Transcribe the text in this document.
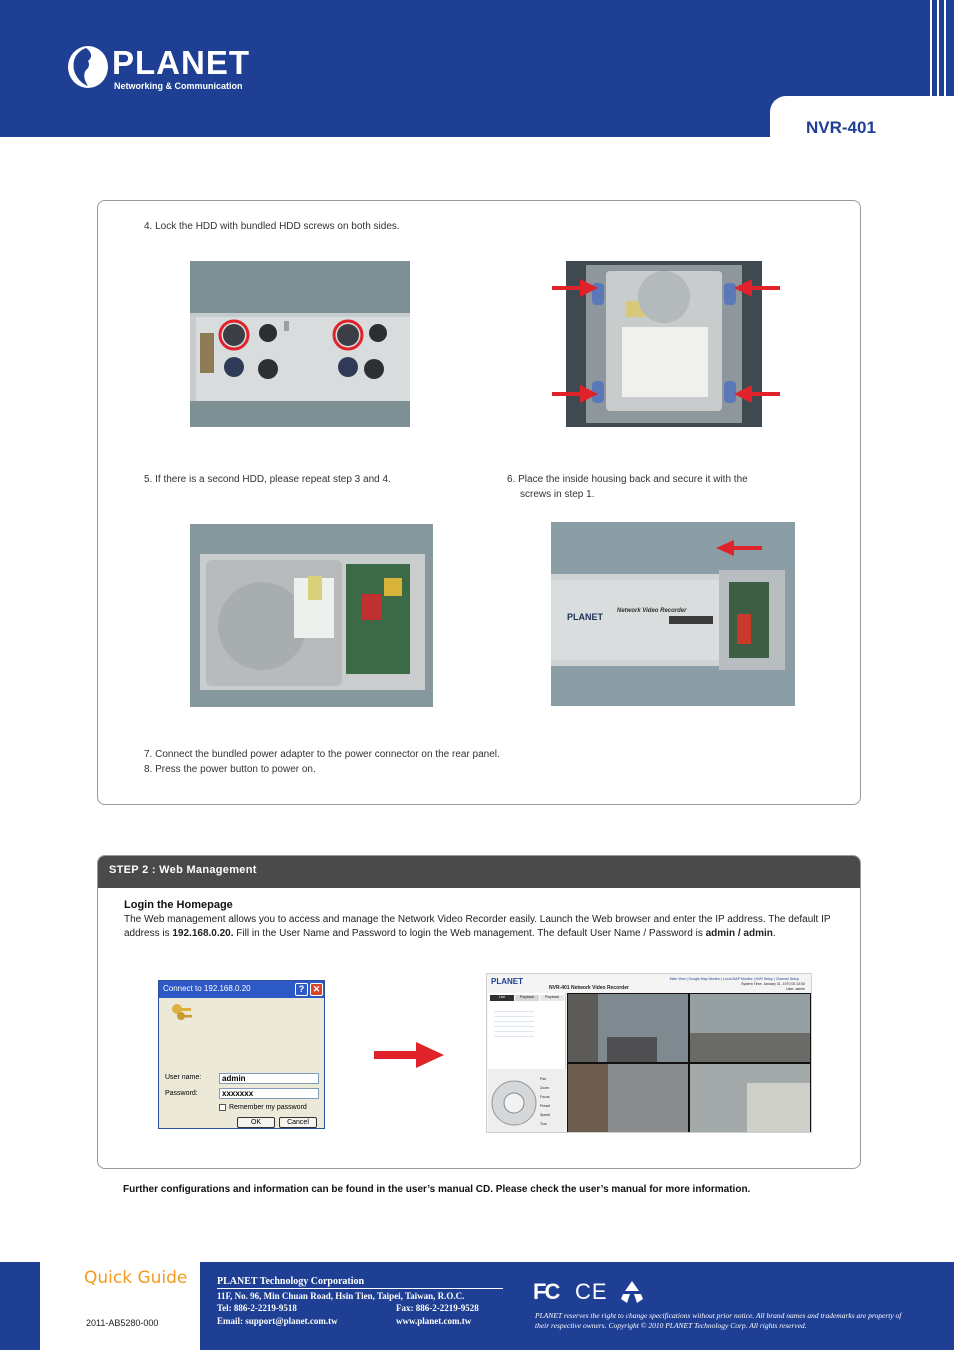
PLANET
Networking & Communication
NVR-401
4. Lock the HDD with bundled HDD screws on both sides.
5. If there is a second HDD, please repeat step 3 and 4.	6. Place the inside housing back and secure it with the
screws in step 1.
PLANET
Network Video Recorder
7. Connect the bundled power adapter to the power connector on the rear panel.
8. Press the power button to power on.
STEP 2 : Web Management
Login the Homepage
The Web management allows you to access and manage the Network Video Recorder easily. Launch the Web browser and enter the IP address. The default IP address is 192.168.0.20. Fill in the User Name and Password to login the Web management. The default User Name / Password is admin / admin.
Connect to 192.168.0.20	? ✕
User name:	admin
Password:	xxxxxxx
Remember my password
OK	Cancel
PLANET
NVR-401 Network Video Recorder
Main View | Google Map Monitor | Local MAP Monitor | NVR Setup | Channel Setup
System Time: January 01, 1970 00:13:53
User: admin
Live	Playback	Playback
Pan
Zoom
Focus
Preset
Speed
Tour
Further configurations and information can be found in the user’s manual CD. Please check the user’s manual for more information.
Quick Guide
2011-AB5280-000
PLANET Technology Corporation
11F, No. 96, Min Chuan Road, Hsin Tien, Taipei, Taiwan, R.O.C.
Tel: 886-2-2219-9518	Fax: 886-2-2219-9528
Email: support@planet.com.tw	www.planet.com.tw
FC CE
PLANET reserves the right to change specifications without prior notice. All brand names and trademarks are property of their respective owners. Copyright © 2010 PLANET Technology Corp. All rights reserved.
